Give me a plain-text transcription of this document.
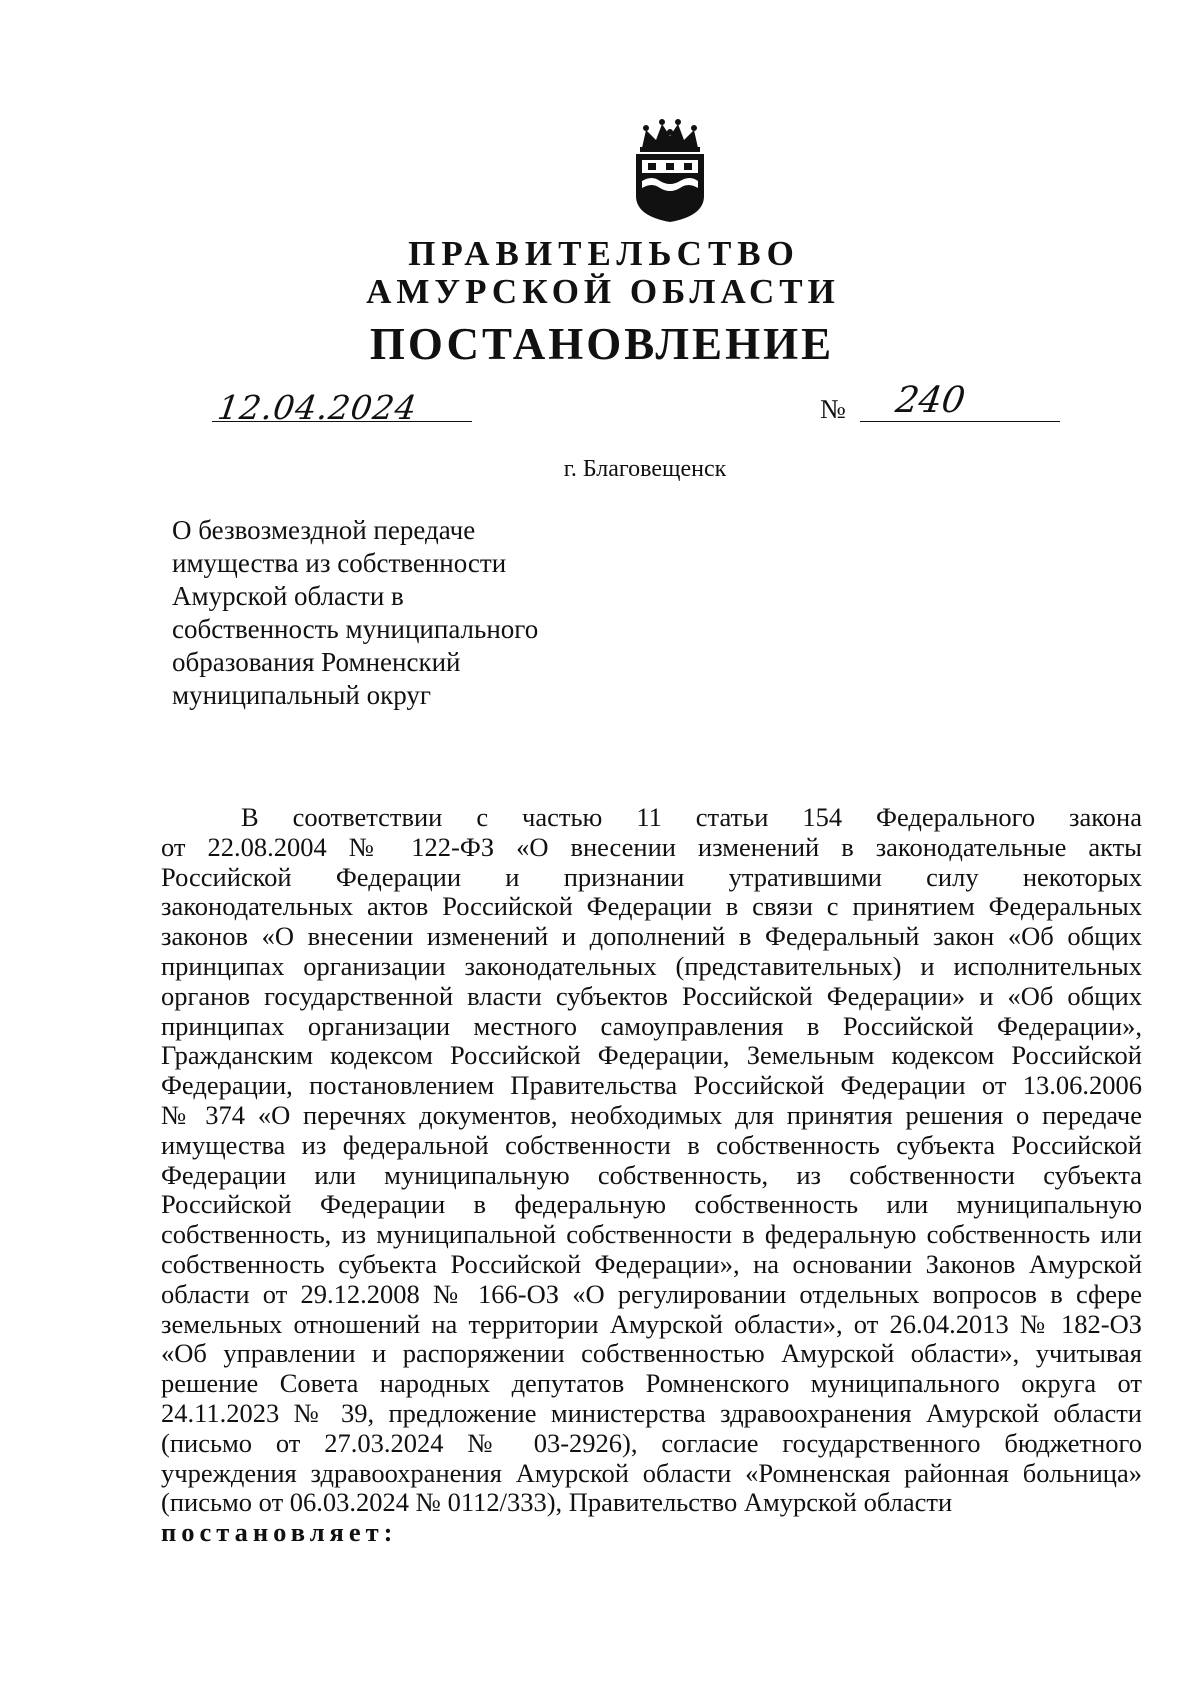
ПРАВИТЕЛЬСТВО
АМУРСКОЙ ОБЛАСТИ
ПОСТАНОВЛЕНИЕ
12.04.2024	№ 240
г. Благовещенск
О безвозмездной передаче
имущества из собственности
Амурской области в
собственность муниципального
образования Ромненский
муниципальный округ
В соответствии с частью 11 статьи 154 Федерального закона
от 22.08.2004 № 122-ФЗ «О внесении изменений в законодательные акты
Российской Федерации и признании утратившими силу некоторых
законодательных актов Российской Федерации в связи с принятием Федеральных
законов «О внесении изменений и дополнений в Федеральный закон «Об общих
принципах организации законодательных (представительных) и исполнительных
органов государственной власти субъектов Российской Федерации» и «Об общих
принципах организации местного самоуправления в Российской Федерации»,
Гражданским кодексом Российской Федерации, Земельным кодексом Российской
Федерации, постановлением Правительства Российской Федерации от 13.06.2006
№ 374 «О перечнях документов, необходимых для принятия решения о передаче
имущества из федеральной собственности в собственность субъекта Российской
Федерации или муниципальную собственность, из собственности субъекта
Российской Федерации в федеральную собственность или муниципальную
собственность, из муниципальной собственности в федеральную собственность или
собственность субъекта Российской Федерации», на основании Законов Амурской
области от 29.12.2008 № 166-ОЗ «О регулировании отдельных вопросов в сфере
земельных отношений на территории Амурской области», от 26.04.2013 № 182-ОЗ
«Об управлении и распоряжении собственностью Амурской области», учитывая
решение Совета народных депутатов Ромненского муниципального округа от
24.11.2023 № 39, предложение министерства здравоохранения Амурской области
(письмо от 27.03.2024 № 03-2926), согласие государственного бюджетного
учреждения здравоохранения Амурской области «Ромненская районная больница»
(письмо от 06.03.2024 № 0112/333), Правительство Амурской области
постановляет:
